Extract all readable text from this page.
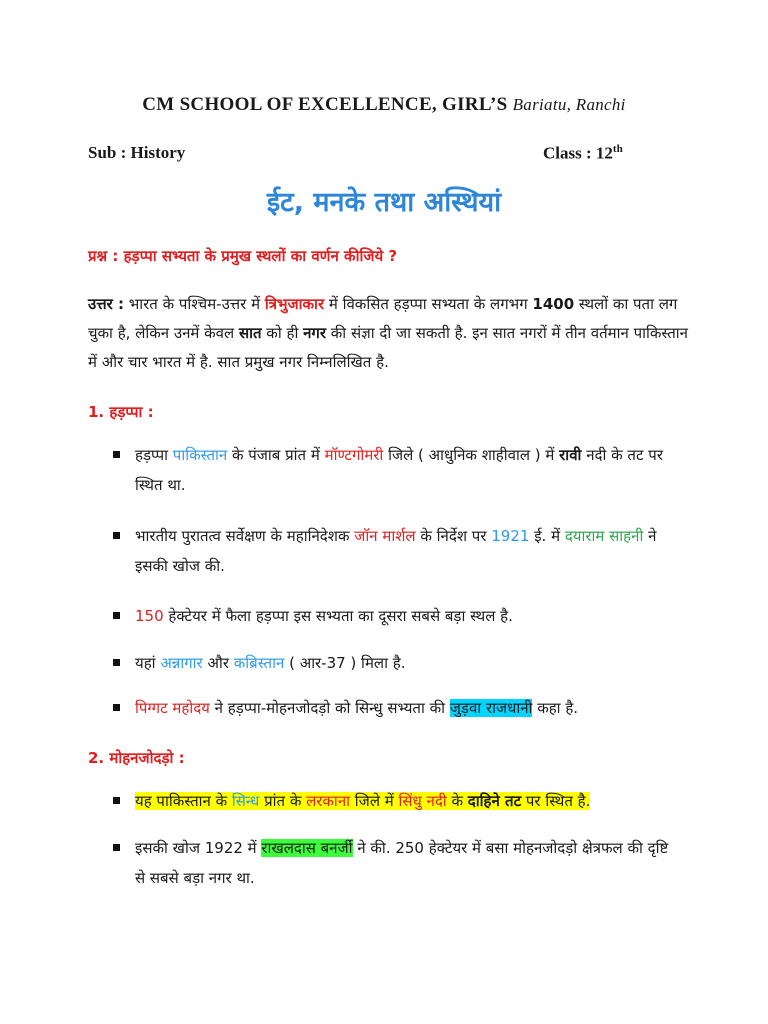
CM SCHOOL OF EXCELLENCE, GIRL’S Bariatu, Ranchi
Sub : History	Class : 12th
ईट, मनके तथा अस्थियां
प्रश्न : हड़प्पा सभ्यता के प्रमुख स्थलों का वर्णन कीजिये ?
उत्तर : भारत के पश्चिम-उत्तर में त्रिभुजाकार में विकसित हड़प्पा सभ्यता के लगभग 1400 स्थलों का पता लग चुका है, लेकिन उनमें केवल सात को ही नगर की संज्ञा दी जा सकती है. इन सात नगरों में तीन वर्तमान पाकिस्तान में और चार भारत में है. सात प्रमुख नगर निम्नलिखित है.
1. हड़प्पा :
हड़प्पा पाकिस्तान के पंजाब प्रांत में मॉण्टगोमरी जिले ( आधुनिक शाहीवाल ) में रावी नदी के तट पर स्थित था.
भारतीय पुरातत्व सर्वेक्षण के महानिदेशक जॉन मार्शल के निर्देश पर 1921 ई. में दयाराम साहनी ने इसकी खोज की.
150 हेक्टेयर में फैला हड़प्पा इस सभ्यता का दूसरा सबसे बड़ा स्थल है.
यहां अन्नागार और कब्रिस्तान ( आर-37 ) मिला है.
पिग्गट महोदय ने हड़प्पा-मोहनजोदड़ो को सिन्धु सभ्यता की जुड़वा राजधानी कहा है.
2. मोहनजोदड़ो :
यह पाकिस्तान के सिन्ध प्रांत के लरकाना जिले में सिंधु नदी के दाहिने तट पर स्थित है.
इसकी खोज 1922 में राखलदास बनर्जी ने की. 250 हेक्टेयर में बसा मोहनजोदड़ो क्षेत्रफल की दृष्टि से सबसे बड़ा नगर था.
